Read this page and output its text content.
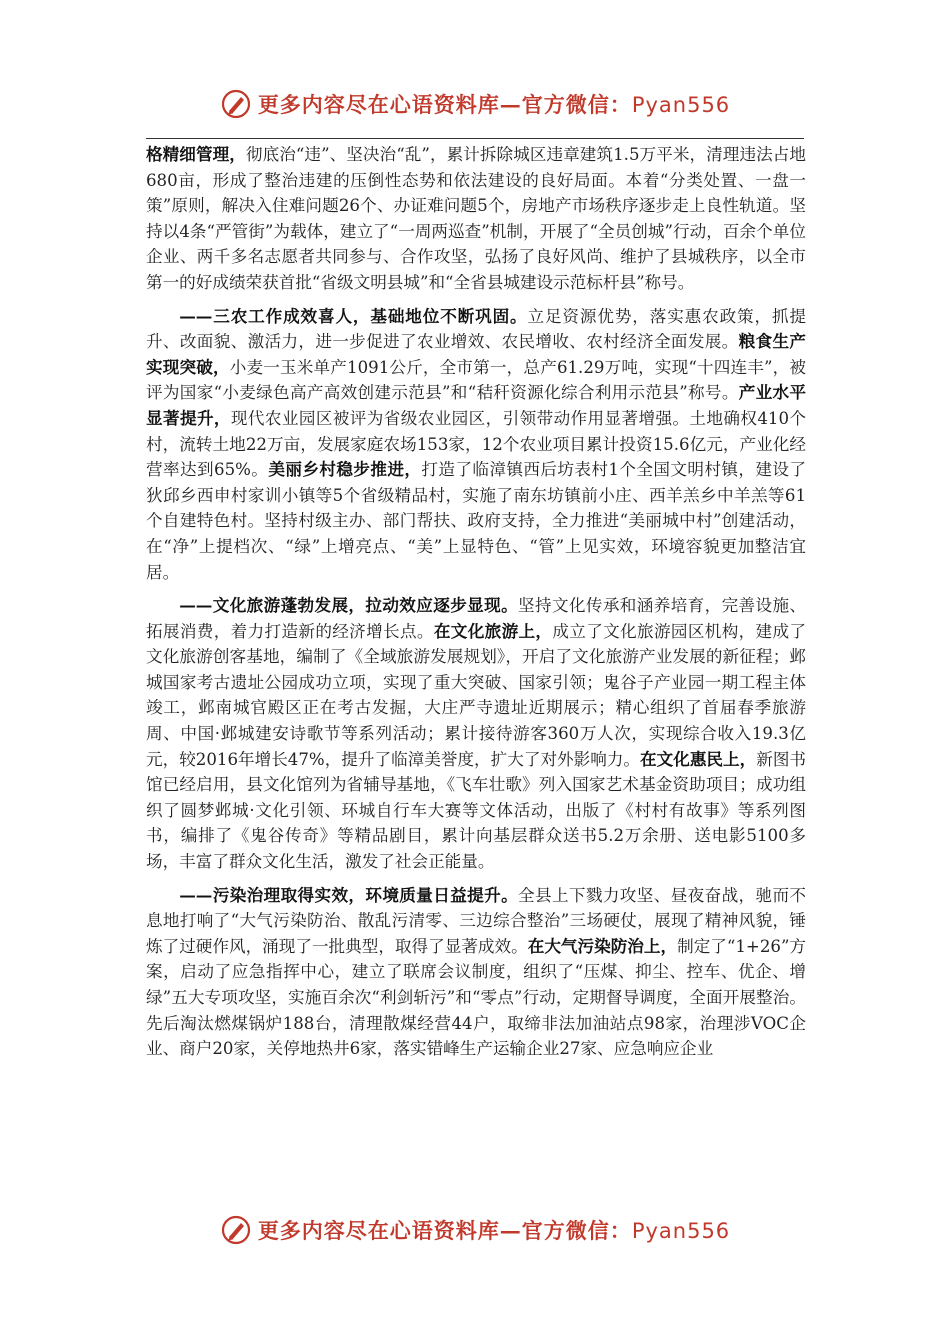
更多内容尽在心语资料库—官方微信：Pyan556

格精细管理，彻底治“违”、坚决治“乱”，累计拆除城区违章建筑1.5万平米，清理违法占地680亩，形成了整治违建的压倒性态势和依法建设的良好局面。本着“分类处置、一盘一策”原则，解决入住难问题26个、办证难问题5个，房地产市场秩序逐步走上良性轨道。坚持以4条“严管街”为载体，建立了“一周两巡查”机制，开展了“全员创城”行动，百余个单位企业、两千多名志愿者共同参与、合作攻坚，弘扬了良好风尚、维护了县城秩序，以全市第一的好成绩荣获首批“省级文明县城”和“全省县城建设示范标杆县”称号。

——三农工作成效喜人，基础地位不断巩固。立足资源优势，落实惠农政策，抓提升、改面貌、激活力，进一步促进了农业增效、农民增收、农村经济全面发展。粮食生产实现突破，小麦一玉米单产1091公斤，全市第一，总产61.29万吨，实现“十四连丰”，被评为国家“小麦绿色高产高效创建示范县”和“秸秆资源化综合利用示范县”称号。产业水平显著提升，现代农业园区被评为省级农业园区，引领带动作用显著增强。土地确权410个村，流转土地22万亩，发展家庭农场153家，12个农业项目累计投资15.6亿元，产业化经营率达到65%。美丽乡村稳步推进，打造了临漳镇西后坊表村1个全国文明村镇，建设了狄邱乡西申村家训小镇等5个省级精品村，实施了南东坊镇前小庄、西羊羔乡中羊羔等61个自建特色村。坚持村级主办、部门帮扶、政府支持，全力推进“美丽城中村”创建活动，在“净”上提档次、“绿”上增亮点、“美”上显特色、“管”上见实效，环境容貌更加整洁宜居。

——文化旅游蓬勃发展，拉动效应逐步显现。坚持文化传承和涵养培育，完善设施、拓展消费，着力打造新的经济增长点。在文化旅游上，成立了文化旅游园区机构，建成了文化旅游创客基地，编制了《全域旅游发展规划》，开启了文化旅游产业发展的新征程；邺城国家考古遗址公园成功立项，实现了重大突破、国家引领；鬼谷子产业园一期工程主体竣工，邺南城官殿区正在考古发掘，大庄严寺遗址近期展示；精心组织了首届春季旅游周、中国·邺城建安诗歌节等系列活动；累计接待游客360万人次，实现综合收入19.3亿元，较2016年增长47%，提升了临漳美誉度，扩大了对外影响力。在文化惠民上，新图书馆已经启用，县文化馆列为省辅导基地，《飞车壮歌》列入国家艺术基金资助项目；成功组织了圆梦邺城·文化引领、环城自行车大赛等文体活动，出版了《村村有故事》等系列图书，编排了《鬼谷传奇》等精品剧目，累计向基层群众送书5.2万余册、送电影5100多场，丰富了群众文化生活，激发了社会正能量。

——污染治理取得实效，环境质量日益提升。全县上下戮力攻坚、昼夜奋战，驰而不息地打响了“大气污染防治、散乱污清零、三边综合整治”三场硬仗，展现了精神风貌，锤炼了过硬作风，涌现了一批典型，取得了显著成效。在大气污染防治上，制定了“1+26”方案，启动了应急指挥中心，建立了联席会议制度，组织了“压煤、抑尘、控车、优企、增绿”五大专项攻坚，实施百余次“利剑斩污”和“零点”行动，定期督导调度，全面开展整治。先后淘汰燃煤锅炉188台，清理散煤经营44户，取缔非法加油站点98家，治理涉VOC企业、商户20家，关停地热井6家，落实错峰生产运输企业27家、应急响应企业

更多内容尽在心语资料库—官方微信：Pyan556
